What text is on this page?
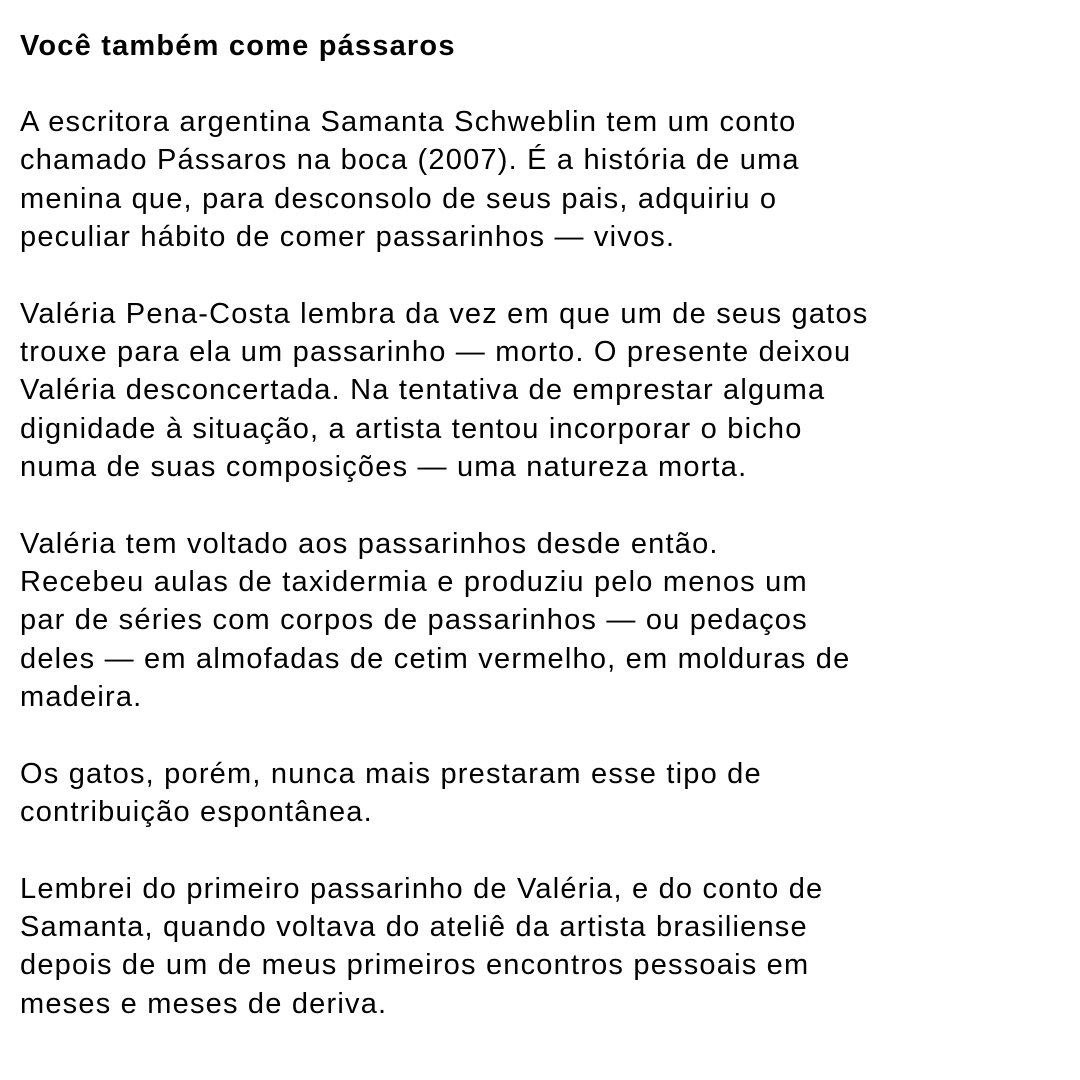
Você também come pássaros

A escritora argentina Samanta Schweblin tem um conto
chamado Pássaros na boca (2007). É a história de uma
menina que, para desconsolo de seus pais, adquiriu o
peculiar hábito de comer passarinhos — vivos.

Valéria Pena-Costa lembra da vez em que um de seus gatos
trouxe para ela um passarinho — morto. O presente deixou
Valéria desconcertada. Na tentativa de emprestar alguma
dignidade à situação, a artista tentou incorporar o bicho
numa de suas composições — uma natureza morta.

Valéria tem voltado aos passarinhos desde então.
Recebeu aulas de taxidermia e produziu pelo menos um
par de séries com corpos de passarinhos — ou pedaços
deles — em almofadas de cetim vermelho, em molduras de
madeira.

Os gatos, porém, nunca mais prestaram esse tipo de
contribuição espontânea.

Lembrei do primeiro passarinho de Valéria, e do conto de
Samanta, quando voltava do ateliê da artista brasiliense
depois de um de meus primeiros encontros pessoais em
meses e meses de deriva.
